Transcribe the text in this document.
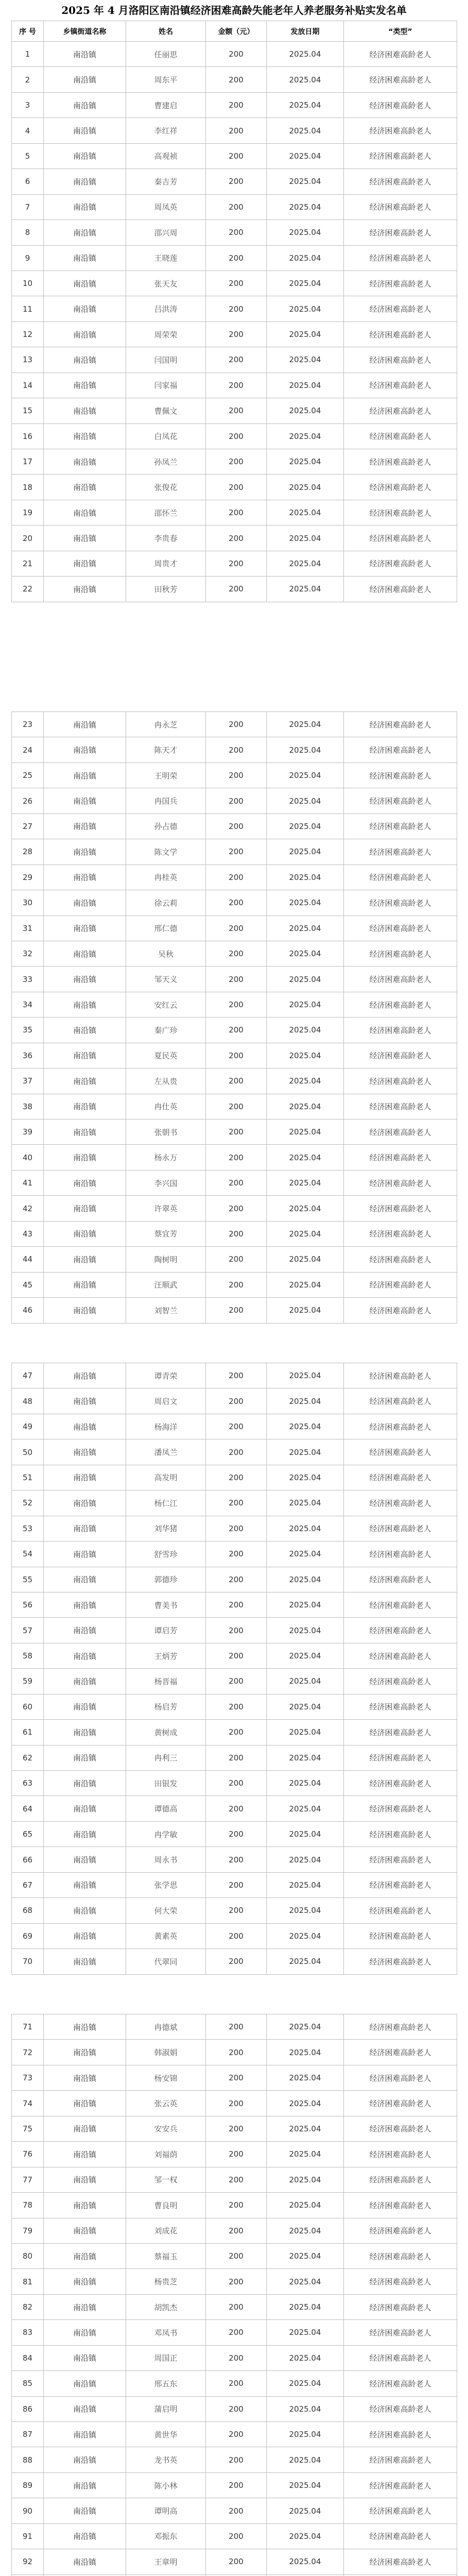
2025 年 4 月洛阳区南沿镇经济困难高龄失能老年人养老服务补贴实发名单
序 号	乡镇街道名称	姓名	金额（元）	发放日期	“类型”
1	南沿镇	任丽思	200	2025.04	经济困难高龄老人
2	南沿镇	周东平	200	2025.04	经济困难高龄老人
3	南沿镇	曹建启	200	2025.04	经济困难高龄老人
4	南沿镇	李红祥	200	2025.04	经济困难高龄老人
5	南沿镇	高观祯	200	2025.04	经济困难高龄老人
6	南沿镇	秦吉芳	200	2025.04	经济困难高龄老人
7	南沿镇	周凤英	200	2025.04	经济困难高龄老人
8	南沿镇	邵兴周	200	2025.04	经济困难高龄老人
9	南沿镇	王晓莲	200	2025.04	经济困难高龄老人
10	南沿镇	张天友	200	2025.04	经济困难高龄老人
11	南沿镇	吕洪涛	200	2025.04	经济困难高龄老人
12	南沿镇	周荣荣	200	2025.04	经济困难高龄老人
13	南沿镇	闫国明	200	2025.04	经济困难高龄老人
14	南沿镇	闫家福	200	2025.04	经济困难高龄老人
15	南沿镇	曹佩文	200	2025.04	经济困难高龄老人
16	南沿镇	白凤花	200	2025.04	经济困难高龄老人
17	南沿镇	孙凤兰	200	2025.04	经济困难高龄老人
18	南沿镇	张俊花	200	2025.04	经济困难高龄老人
19	南沿镇	邵怀兰	200	2025.04	经济困难高龄老人
20	南沿镇	李贵春	200	2025.04	经济困难高龄老人
21	南沿镇	周贵才	200	2025.04	经济困难高龄老人
22	南沿镇	田秋芳	200	2025.04	经济困难高龄老人
23	南沿镇	冉永芝	200	2025.04	经济困难高龄老人
24	南沿镇	陈天才	200	2025.04	经济困难高龄老人
25	南沿镇	王明荣	200	2025.04	经济困难高龄老人
26	南沿镇	冉国兵	200	2025.04	经济困难高龄老人
27	南沿镇	孙占德	200	2025.04	经济困难高龄老人
28	南沿镇	陈文学	200	2025.04	经济困难高龄老人
29	南沿镇	冉桂英	200	2025.04	经济困难高龄老人
30	南沿镇	徐云莉	200	2025.04	经济困难高龄老人
31	南沿镇	邢仁德	200	2025.04	经济困难高龄老人
32	南沿镇	吴秋	200	2025.04	经济困难高龄老人
33	南沿镇	邹天义	200	2025.04	经济困难高龄老人
34	南沿镇	安红云	200	2025.04	经济困难高龄老人
35	南沿镇	秦广珍	200	2025.04	经济困难高龄老人
36	南沿镇	夏民英	200	2025.04	经济困难高龄老人
37	南沿镇	左从贵	200	2025.04	经济困难高龄老人
38	南沿镇	冉仕英	200	2025.04	经济困难高龄老人
39	南沿镇	张朝书	200	2025.04	经济困难高龄老人
40	南沿镇	杨永万	200	2025.04	经济困难高龄老人
41	南沿镇	李兴国	200	2025.04	经济困难高龄老人
42	南沿镇	许翠英	200	2025.04	经济困难高龄老人
43	南沿镇	蔡宜芳	200	2025.04	经济困难高龄老人
44	南沿镇	陶树明	200	2025.04	经济困难高龄老人
45	南沿镇	汪顺武	200	2025.04	经济困难高龄老人
46	南沿镇	刘智兰	200	2025.04	经济困难高龄老人
47	南沿镇	谭青荣	200	2025.04	经济困难高龄老人
48	南沿镇	周启文	200	2025.04	经济困难高龄老人
49	南沿镇	杨海洋	200	2025.04	经济困难高龄老人
50	南沿镇	潘凤兰	200	2025.04	经济困难高龄老人
51	南沿镇	高发明	200	2025.04	经济困难高龄老人
52	南沿镇	杨仁江	200	2025.04	经济困难高龄老人
53	南沿镇	刘华猪	200	2025.04	经济困难高龄老人
54	南沿镇	舒雪珍	200	2025.04	经济困难高龄老人
55	南沿镇	郭德珍	200	2025.04	经济困难高龄老人
56	南沿镇	曹美书	200	2025.04	经济困难高龄老人
57	南沿镇	谭启芳	200	2025.04	经济困难高龄老人
58	南沿镇	王炳芳	200	2025.04	经济困难高龄老人
59	南沿镇	杨晋福	200	2025.04	经济困难高龄老人
60	南沿镇	杨启芳	200	2025.04	经济困难高龄老人
61	南沿镇	黄树成	200	2025.04	经济困难高龄老人
62	南沿镇	冉利三	200	2025.04	经济困难高龄老人
63	南沿镇	田银发	200	2025.04	经济困难高龄老人
64	南沿镇	谭德高	200	2025.04	经济困难高龄老人
65	南沿镇	冉学敏	200	2025.04	经济困难高龄老人
66	南沿镇	周永书	200	2025.04	经济困难高龄老人
67	南沿镇	张学思	200	2025.04	经济困难高龄老人
68	南沿镇	何大荣	200	2025.04	经济困难高龄老人
69	南沿镇	黄素英	200	2025.04	经济困难高龄老人
70	南沿镇	代翠同	200	2025.04	经济困难高龄老人
71	南沿镇	冉德斌	200	2025.04	经济困难高龄老人
72	南沿镇	韩淑娟	200	2025.04	经济困难高龄老人
73	南沿镇	杨安锦	200	2025.04	经济困难高龄老人
74	南沿镇	张云英	200	2025.04	经济困难高龄老人
75	南沿镇	安安兵	200	2025.04	经济困难高龄老人
76	南沿镇	刘福荫	200	2025.04	经济困难高龄老人
77	南沿镇	邹一权	200	2025.04	经济困难高龄老人
78	南沿镇	曹良明	200	2025.04	经济困难高龄老人
79	南沿镇	刘成花	200	2025.04	经济困难高龄老人
80	南沿镇	蔡福玉	200	2025.04	经济困难高龄老人
81	南沿镇	杨贵芝	200	2025.04	经济困难高龄老人
82	南沿镇	胡凯杰	200	2025.04	经济困难高龄老人
83	南沿镇	邓凤书	200	2025.04	经济困难高龄老人
84	南沿镇	周国正	200	2025.04	经济困难高龄老人
85	南沿镇	邢五东	200	2025.04	经济困难高龄老人
86	南沿镇	蒲启明	200	2025.04	经济困难高龄老人
87	南沿镇	黄世华	200	2025.04	经济困难高龄老人
88	南沿镇	龙书英	200	2025.04	经济困难高龄老人
89	南沿镇	陈小林	200	2025.04	经济困难高龄老人
90	南沿镇	谭明高	200	2025.04	经济困难高龄老人
91	南沿镇	邓振东	200	2025.04	经济困难高龄老人
92	南沿镇	王章明	200	2025.04	经济困难高龄老人
